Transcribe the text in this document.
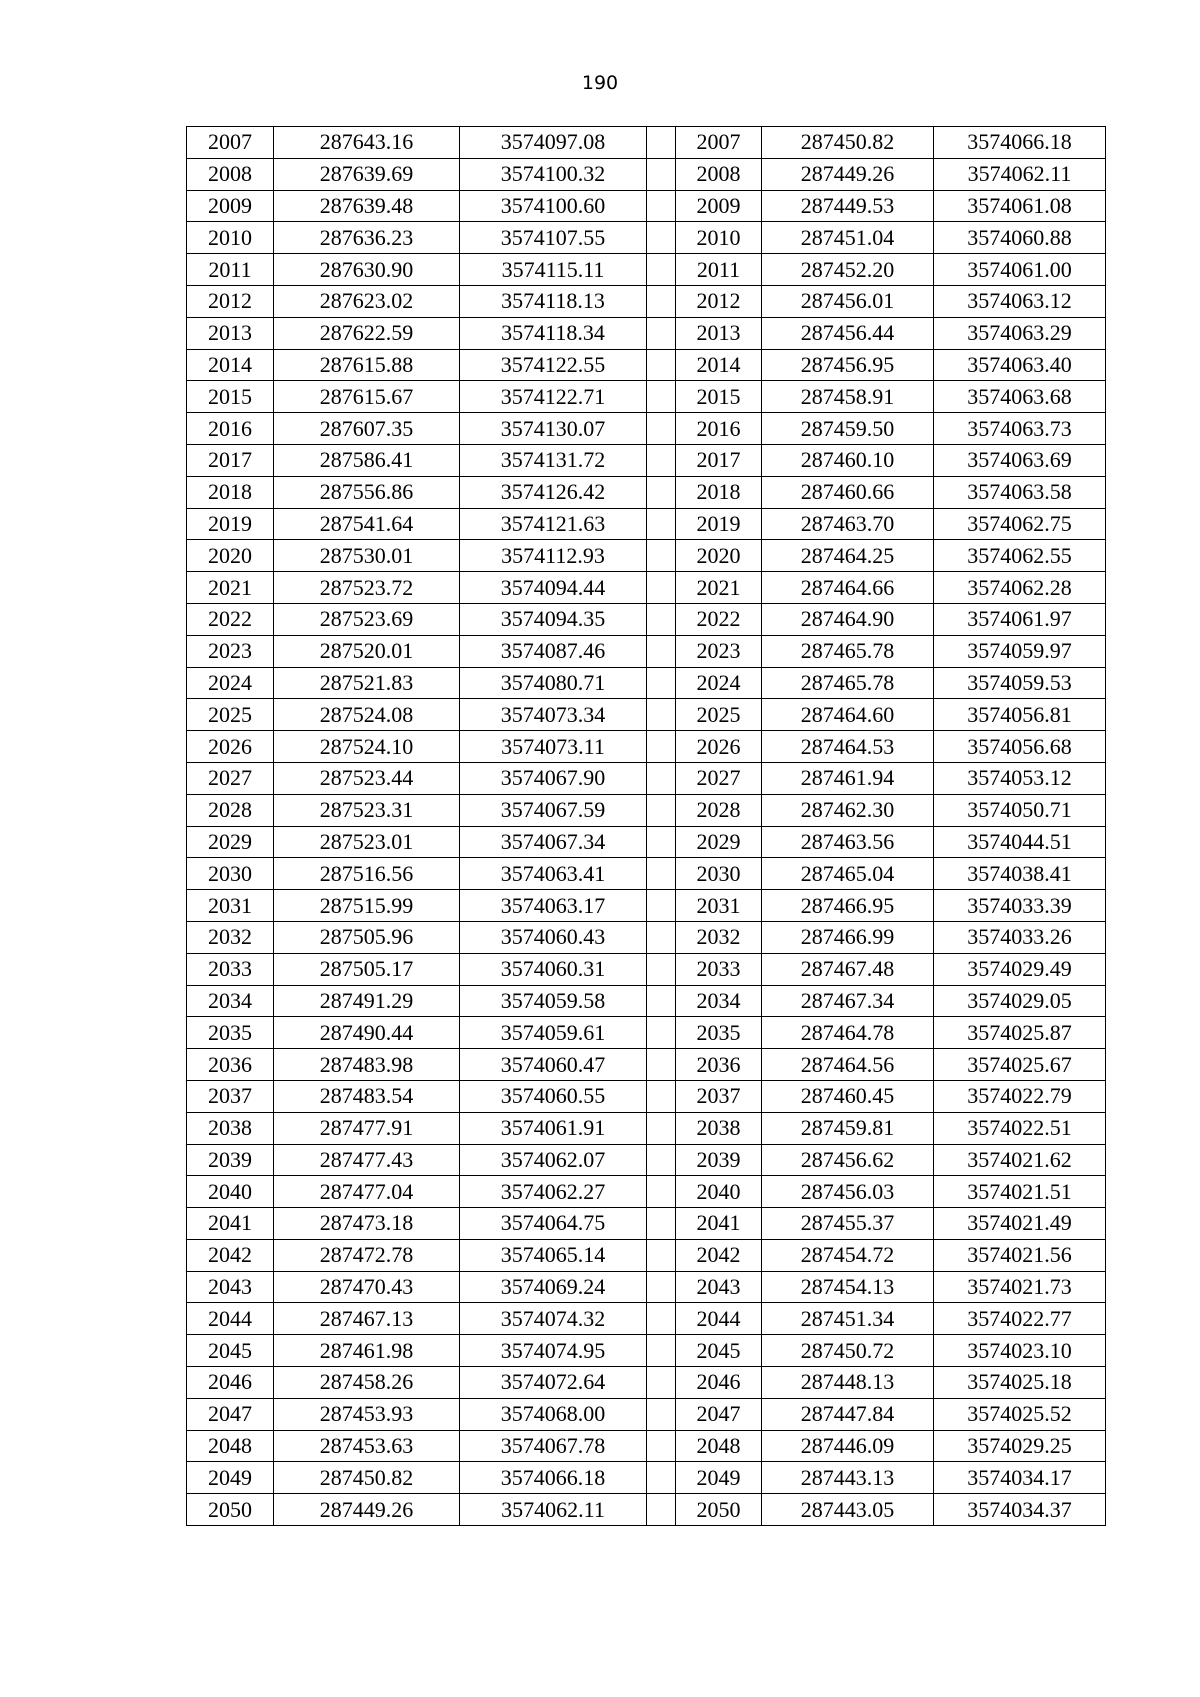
190
2007	287643.16	3574097.08		2007	287450.82	3574066.18
2008	287639.69	3574100.32		2008	287449.26	3574062.11
2009	287639.48	3574100.60		2009	287449.53	3574061.08
2010	287636.23	3574107.55		2010	287451.04	3574060.88
2011	287630.90	3574115.11		2011	287452.20	3574061.00
2012	287623.02	3574118.13		2012	287456.01	3574063.12
2013	287622.59	3574118.34		2013	287456.44	3574063.29
2014	287615.88	3574122.55		2014	287456.95	3574063.40
2015	287615.67	3574122.71		2015	287458.91	3574063.68
2016	287607.35	3574130.07		2016	287459.50	3574063.73
2017	287586.41	3574131.72		2017	287460.10	3574063.69
2018	287556.86	3574126.42		2018	287460.66	3574063.58
2019	287541.64	3574121.63		2019	287463.70	3574062.75
2020	287530.01	3574112.93		2020	287464.25	3574062.55
2021	287523.72	3574094.44		2021	287464.66	3574062.28
2022	287523.69	3574094.35		2022	287464.90	3574061.97
2023	287520.01	3574087.46		2023	287465.78	3574059.97
2024	287521.83	3574080.71		2024	287465.78	3574059.53
2025	287524.08	3574073.34		2025	287464.60	3574056.81
2026	287524.10	3574073.11		2026	287464.53	3574056.68
2027	287523.44	3574067.90		2027	287461.94	3574053.12
2028	287523.31	3574067.59		2028	287462.30	3574050.71
2029	287523.01	3574067.34		2029	287463.56	3574044.51
2030	287516.56	3574063.41		2030	287465.04	3574038.41
2031	287515.99	3574063.17		2031	287466.95	3574033.39
2032	287505.96	3574060.43		2032	287466.99	3574033.26
2033	287505.17	3574060.31		2033	287467.48	3574029.49
2034	287491.29	3574059.58		2034	287467.34	3574029.05
2035	287490.44	3574059.61		2035	287464.78	3574025.87
2036	287483.98	3574060.47		2036	287464.56	3574025.67
2037	287483.54	3574060.55		2037	287460.45	3574022.79
2038	287477.91	3574061.91		2038	287459.81	3574022.51
2039	287477.43	3574062.07		2039	287456.62	3574021.62
2040	287477.04	3574062.27		2040	287456.03	3574021.51
2041	287473.18	3574064.75		2041	287455.37	3574021.49
2042	287472.78	3574065.14		2042	287454.72	3574021.56
2043	287470.43	3574069.24		2043	287454.13	3574021.73
2044	287467.13	3574074.32		2044	287451.34	3574022.77
2045	287461.98	3574074.95		2045	287450.72	3574023.10
2046	287458.26	3574072.64		2046	287448.13	3574025.18
2047	287453.93	3574068.00		2047	287447.84	3574025.52
2048	287453.63	3574067.78		2048	287446.09	3574029.25
2049	287450.82	3574066.18		2049	287443.13	3574034.17
2050	287449.26	3574062.11		2050	287443.05	3574034.37
